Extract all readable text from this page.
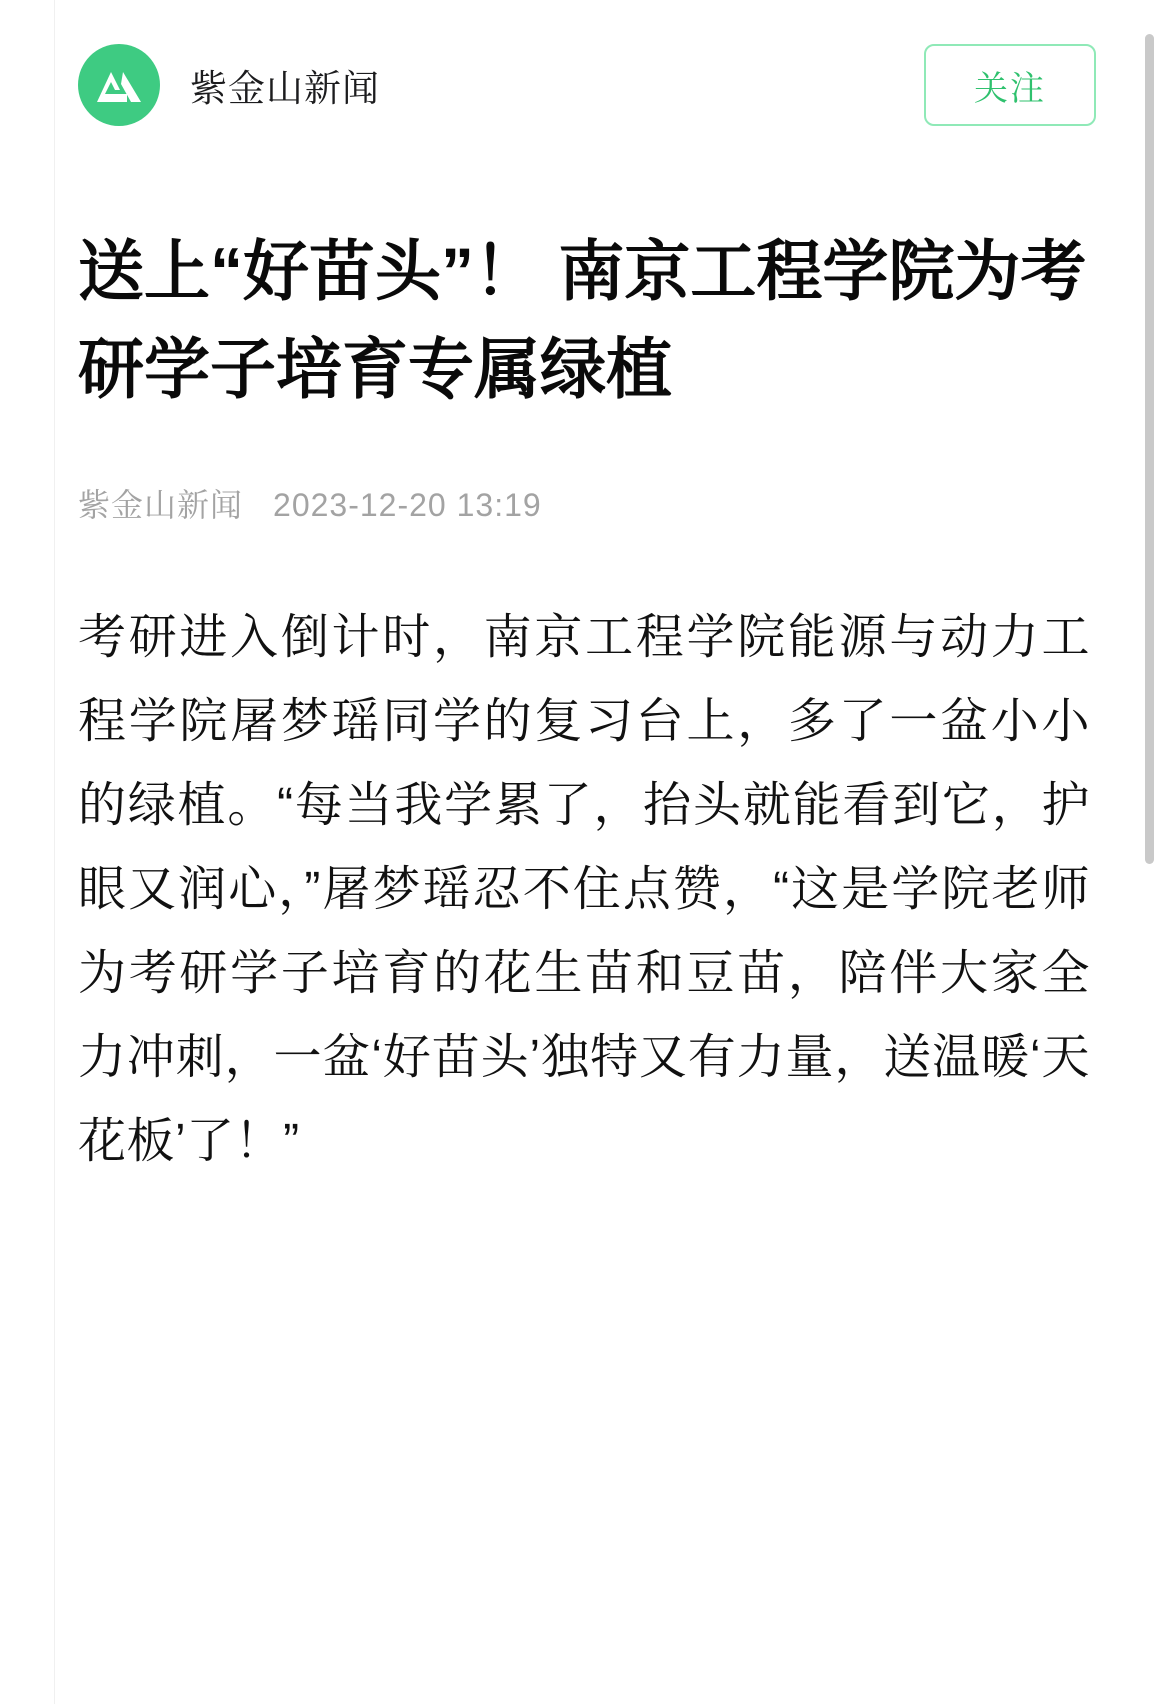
紫金山新闻	关注
送上“好苗头”！ 南京工程学院为考研学子培育专属绿植
紫金山新闻 2023-12-20 13:19

考研进入倒计时，南京工程学院能源与动力工程学院屠梦瑶同学的复习台上，多了一盆小小的绿植。“每当我学累了，抬头就能看到它，护眼又润心，”屠梦瑶忍不住点赞，“这是学院老师为考研学子培育的花生苗和豆苗，陪伴大家全力冲刺，一盆‘好苗头’独特又有力量，送温暖‘天花板’了！”
